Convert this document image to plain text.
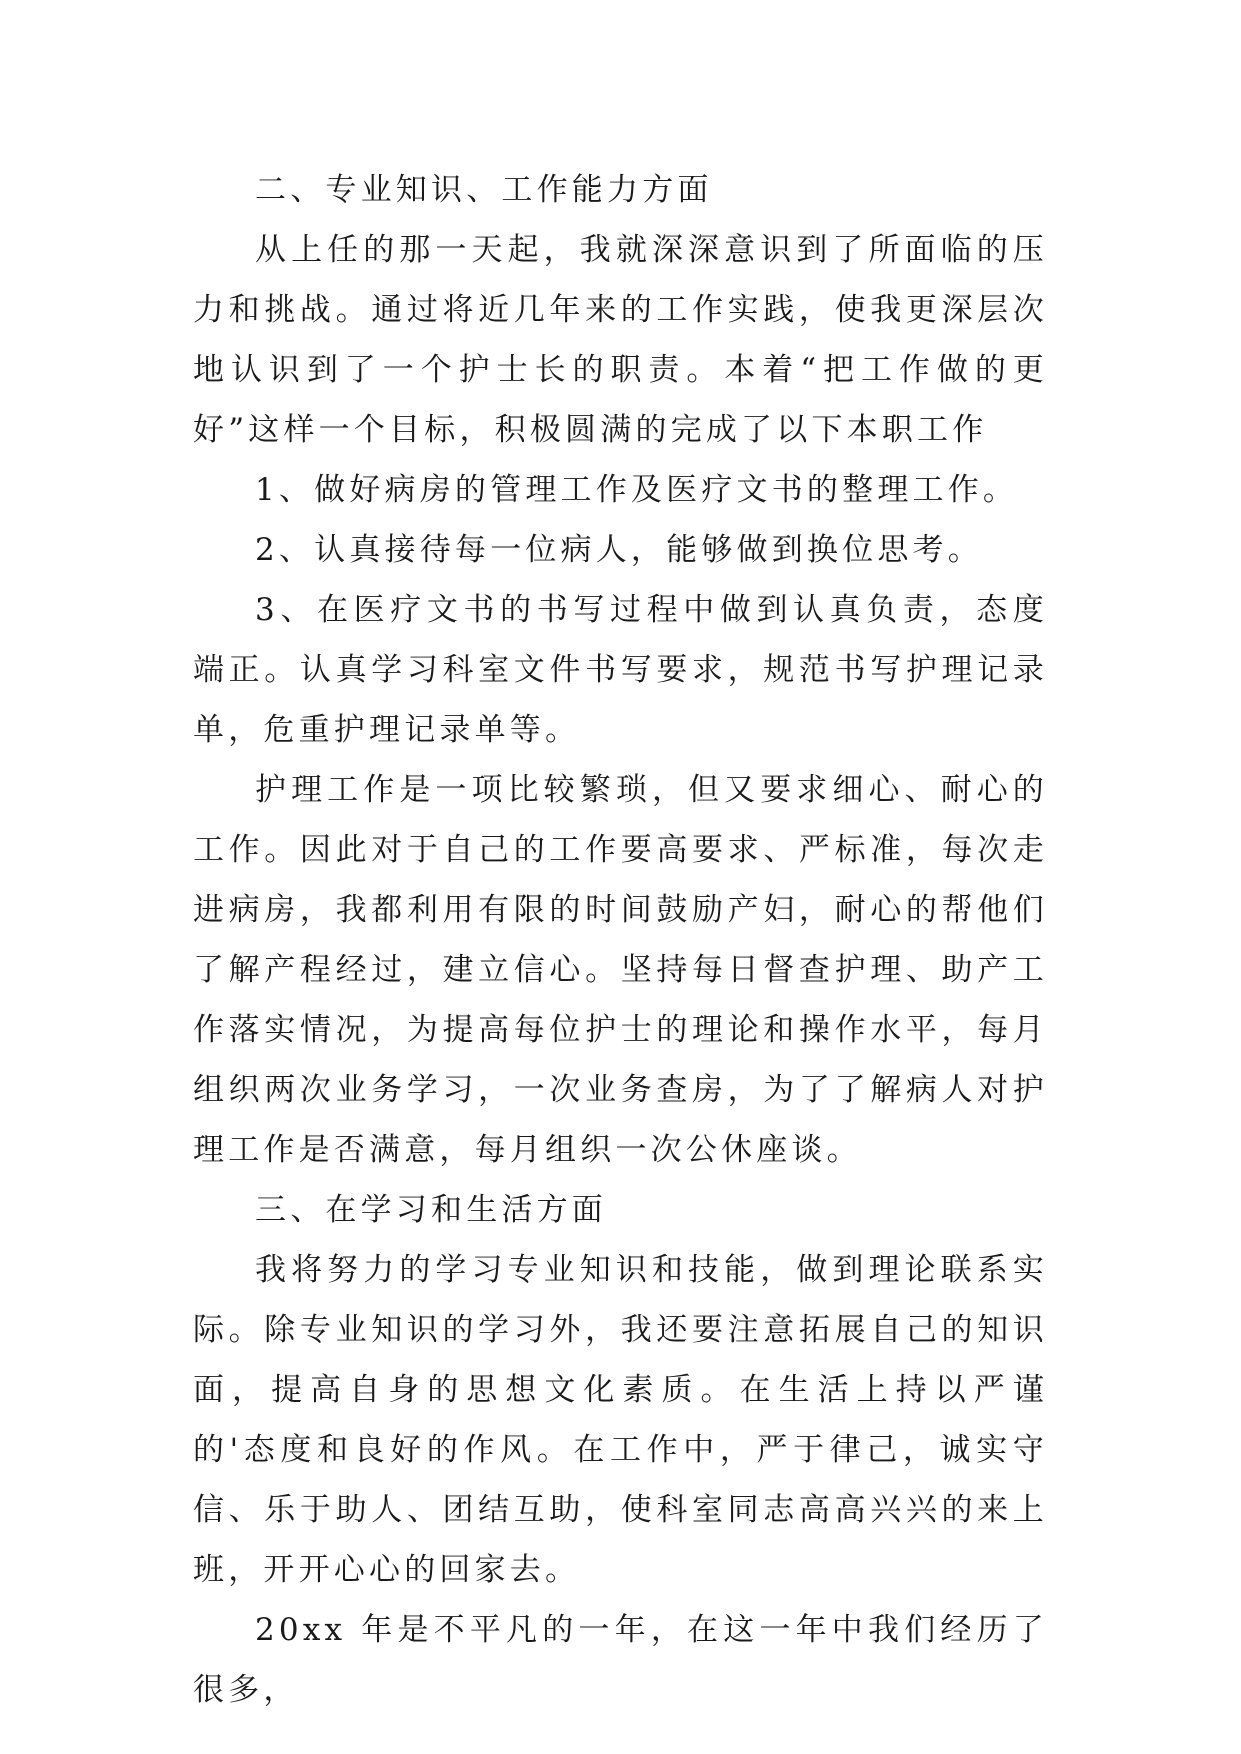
二、专业知识、工作能力方面

从上任的那一天起，我就深深意识到了所面临的压力和挑战。通过将近几年来的工作实践，使我更深层次地认识到了一个护士长的职责。本着“把工作做的更好”这样一个目标，积极圆满的完成了以下本职工作

1、做好病房的管理工作及医疗文书的整理工作。

2、认真接待每一位病人，能够做到换位思考。

3、在医疗文书的书写过程中做到认真负责，态度端正。认真学习科室文件书写要求，规范书写护理记录单，危重护理记录单等。

护理工作是一项比较繁琐，但又要求细心、耐心的工作。因此对于自己的工作要高要求、严标准，每次走进病房，我都利用有限的时间鼓励产妇，耐心的帮他们了解产程经过，建立信心。坚持每日督查护理、助产工作落实情况，为提高每位护士的理论和操作水平，每月组织两次业务学习，一次业务查房，为了了解病人对护理工作是否满意，每月组织一次公休座谈。

三、在学习和生活方面

我将努力的学习专业知识和技能，做到理论联系实际。除专业知识的学习外，我还要注意拓展自己的知识面，提高自身的思想文化素质。在生活上持以严谨的'态度和良好的作风。在工作中，严于律己，诚实守信、乐于助人、团结互助，使科室同志高高兴兴的来上班，开开心心的回家去。

20xx 年是不平凡的一年，在这一年中我们经历了很多，
